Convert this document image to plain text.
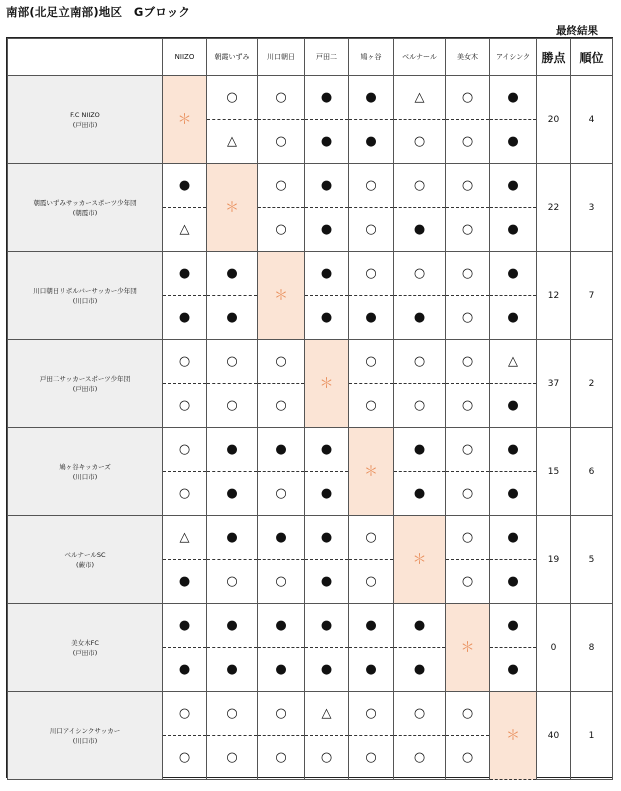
南部(北足立南部)地区　Gブロック
最終結果
	NIIZO	朝霞いずみ	川口朝日	戸田二	鳩ヶ谷	ベルナール	美女木	アイシンク	勝点	順位

F.C NIIZO
(戸田市)	＊	○	○	●	●	△	○	●	20	4
		△	○	●	●	○	○	●		

朝霞いずみサッカースポーツ少年団
(朝霞市)	●	＊	○	●	○	○	○	●	22	3
	△		○	●	○	●	○	●		

川口朝日リボルバーサッカー少年団
(川口市)	●	●	＊	●	○	○	○	●	12	7
	●	●		●	●	●	○	●		

戸田二サッカースポーツ少年団
(戸田市)	○	○	○	＊	○	○	○	△	37	2
	○	○	○		○	○	○	●		

鳩ヶ谷キッカーズ
(川口市)	○	●	●	●	＊	●	○	●	15	6
	○	●	○	●		●	○	●		

ベルナールSC
(蕨市)	△	●	●	●	○	＊	○	●	19	5
	●	○	○	●	○		○	●		

美女木FC
(戸田市)	●	●	●	●	●	●	＊	●	0	8
	●	●	●	●	●	●		●		

川口アイシンクサッカー
(川口市)	○	○	○	△	○	○	○	＊	40	1
	○	○	○	○	○	○	○			
